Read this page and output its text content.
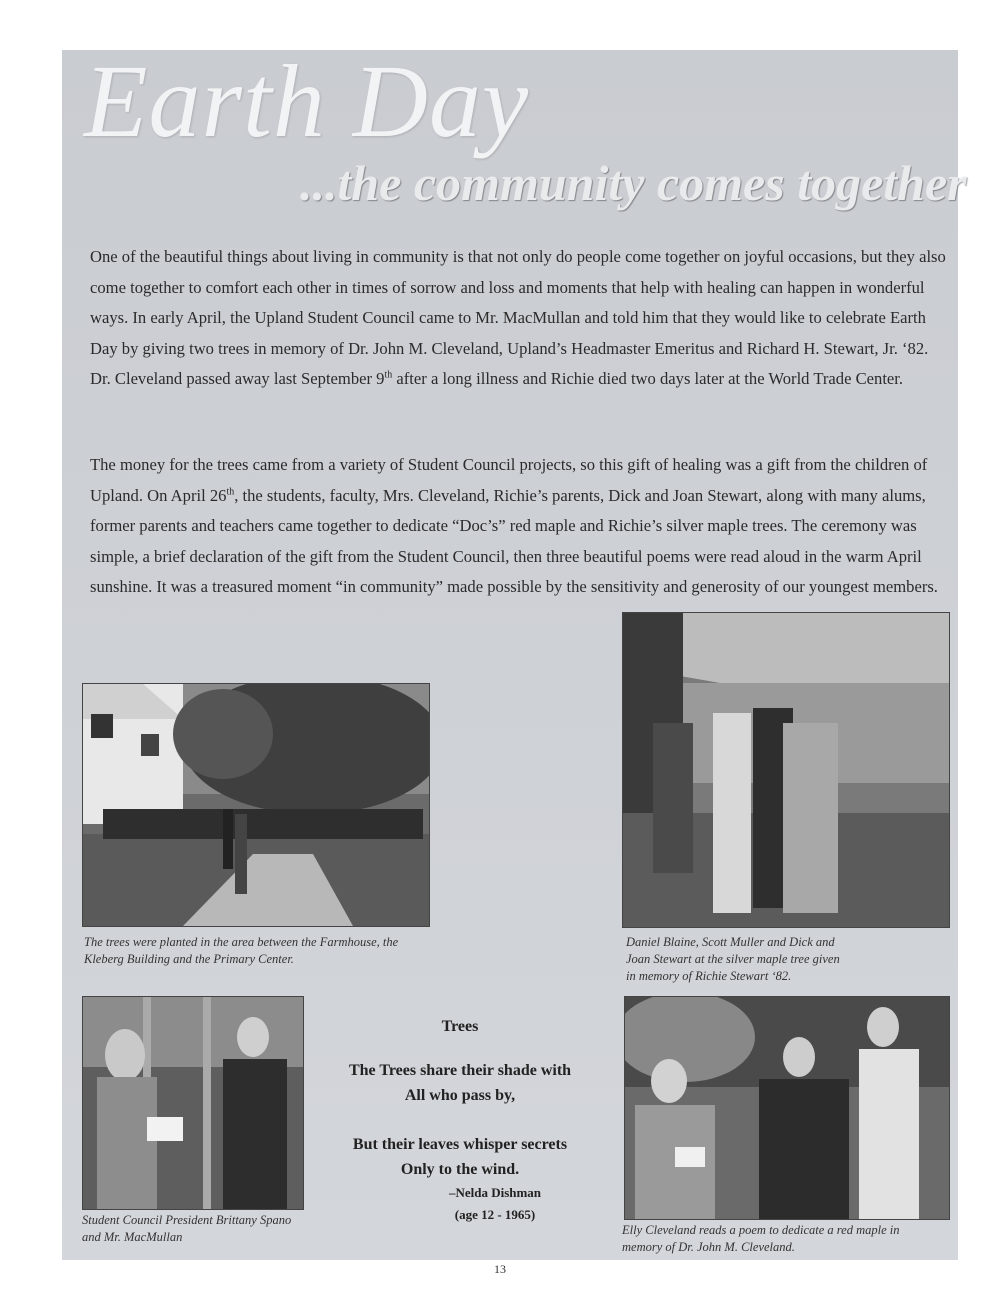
Earth Day
...the community comes together

One of the beautiful things about living in community is that not only do people come together on joyful occasions, but they also come together to comfort each other in times of sorrow and loss and moments that help with healing can happen in wonderful ways. In early April, the Upland Student Council came to Mr. MacMullan and told him that they would like to celebrate Earth Day by giving two trees in memory of Dr. John M. Cleveland, Upland’s Headmaster Emeritus and Richard H. Stewart, Jr. ‘82. Dr. Cleveland passed away last September 9th after a long illness and Richie died two days later at the World Trade Center.

The money for the trees came from a variety of Student Council projects, so this gift of healing was a gift from the children of Upland. On April 26th, the students, faculty, Mrs. Cleveland, Richie’s parents, Dick and Joan Stewart, along with many alums, former parents and teachers came together to dedicate “Doc’s” red maple and Richie’s silver maple trees. The ceremony was simple, a brief declaration of the gift from the Student Council, then three beautiful poems were read aloud in the warm April sunshine. It was a treasured moment “in community” made possible by the sensitivity and generosity of our youngest members.

The trees were planted in the area between the Farmhouse, the Kleberg Building and the Primary Center.

Daniel Blaine, Scott Muller and Dick and Joan Stewart at the silver maple tree given in memory of Richie Stewart ‘82.

Student Council President Brittany Spano and Mr. MacMullan

Trees
The Trees share their shade with
All who pass by,
But their leaves whisper secrets
Only to the wind.
–Nelda Dishman
(age 12 - 1965)

Elly Cleveland reads a poem to dedicate a red maple in memory of Dr. John M. Cleveland.

13
